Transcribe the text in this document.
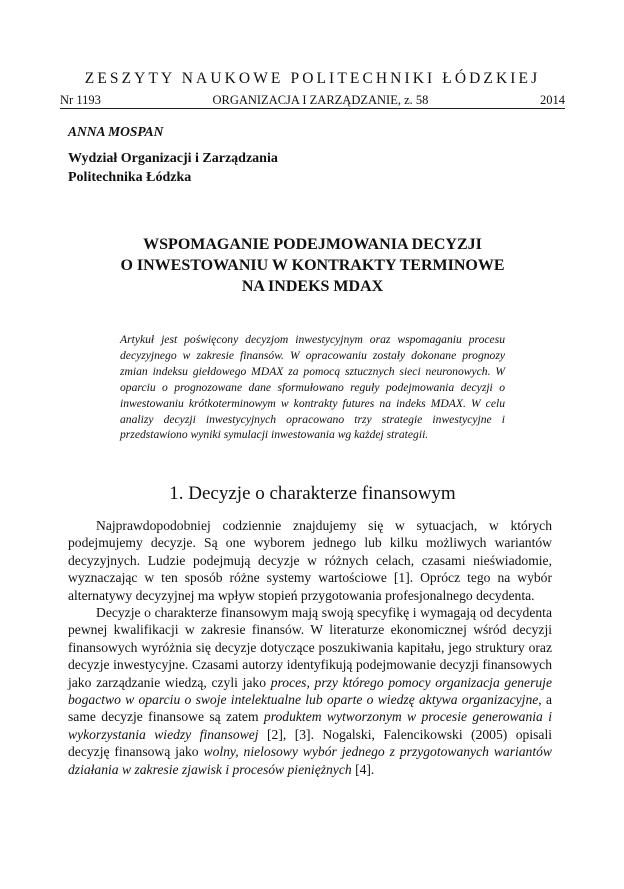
ZESZYTY NAUKOWE POLITECHNIKI ŁÓDZKIEJ
Nr 1193	ORGANIZACJA I ZARZĄDZANIE, z. 58	2014
ANNA MOSPAN
Wydział Organizacji i Zarządzania
Politechnika Łódzka
WSPOMAGANIE PODEJMOWANIA DECYZJI
O INWESTOWANIU W KONTRAKTY TERMINOWE
NA INDEKS MDAX
Artykuł jest poświęcony decyzjom inwestycyjnym oraz wspomaganiu procesu decyzyjnego w zakresie finansów. W opracowaniu zostały dokonane prognozy zmian indeksu giełdowego MDAX za pomocą sztucznych sieci neuronowych. W oparciu o prognozowane dane sformułowano reguły podejmowania decyzji o inwestowaniu krótkoterminowym w kontrakty futures na indeks MDAX. W celu analizy decyzji inwestycyjnych opracowano trzy strategie inwestycyjne i przedstawiono wyniki symulacji inwestowania wg każdej strategii.
1. Decyzje o charakterze finansowym

Najprawdopodobniej codziennie znajdujemy się w sytuacjach, w których podejmujemy decyzje. Są one wyborem jednego lub kilku możliwych wariantów decyzyjnych. Ludzie podejmują decyzje w różnych celach, czasami nieświadomie, wyznaczając w ten sposób różne systemy wartościowe [1]. Oprócz tego na wybór alternatywy decyzyjnej ma wpływ stopień przygotowania profesjonalnego decydenta.

Decyzje o charakterze finansowym mają swoją specyfikę i wymagają od decydenta pewnej kwalifikacji w zakresie finansów. W literaturze ekonomicznej wśród decyzji finansowych wyróżnia się decyzje dotyczące poszukiwania kapitału, jego struktury oraz decyzje inwestycyjne. Czasami autorzy identyfikują podejmowanie decyzji finansowych jako zarządzanie wiedzą, czyli jako proces, przy którego pomocy organizacja generuje bogactwo w oparciu o swoje intelektualne lub oparte o wiedzę aktywa organizacyjne, a same decyzje finansowe są zatem produktem wytworzonym w procesie generowania i wykorzystania wiedzy finansowej [2], [3]. Nogalski, Falencikowski (2005) opisali decyzję finansową jako wolny, nielosowy wybór jednego z przygotowanych wariantów działania w zakresie zjawisk i procesów pieniężnych [4].
